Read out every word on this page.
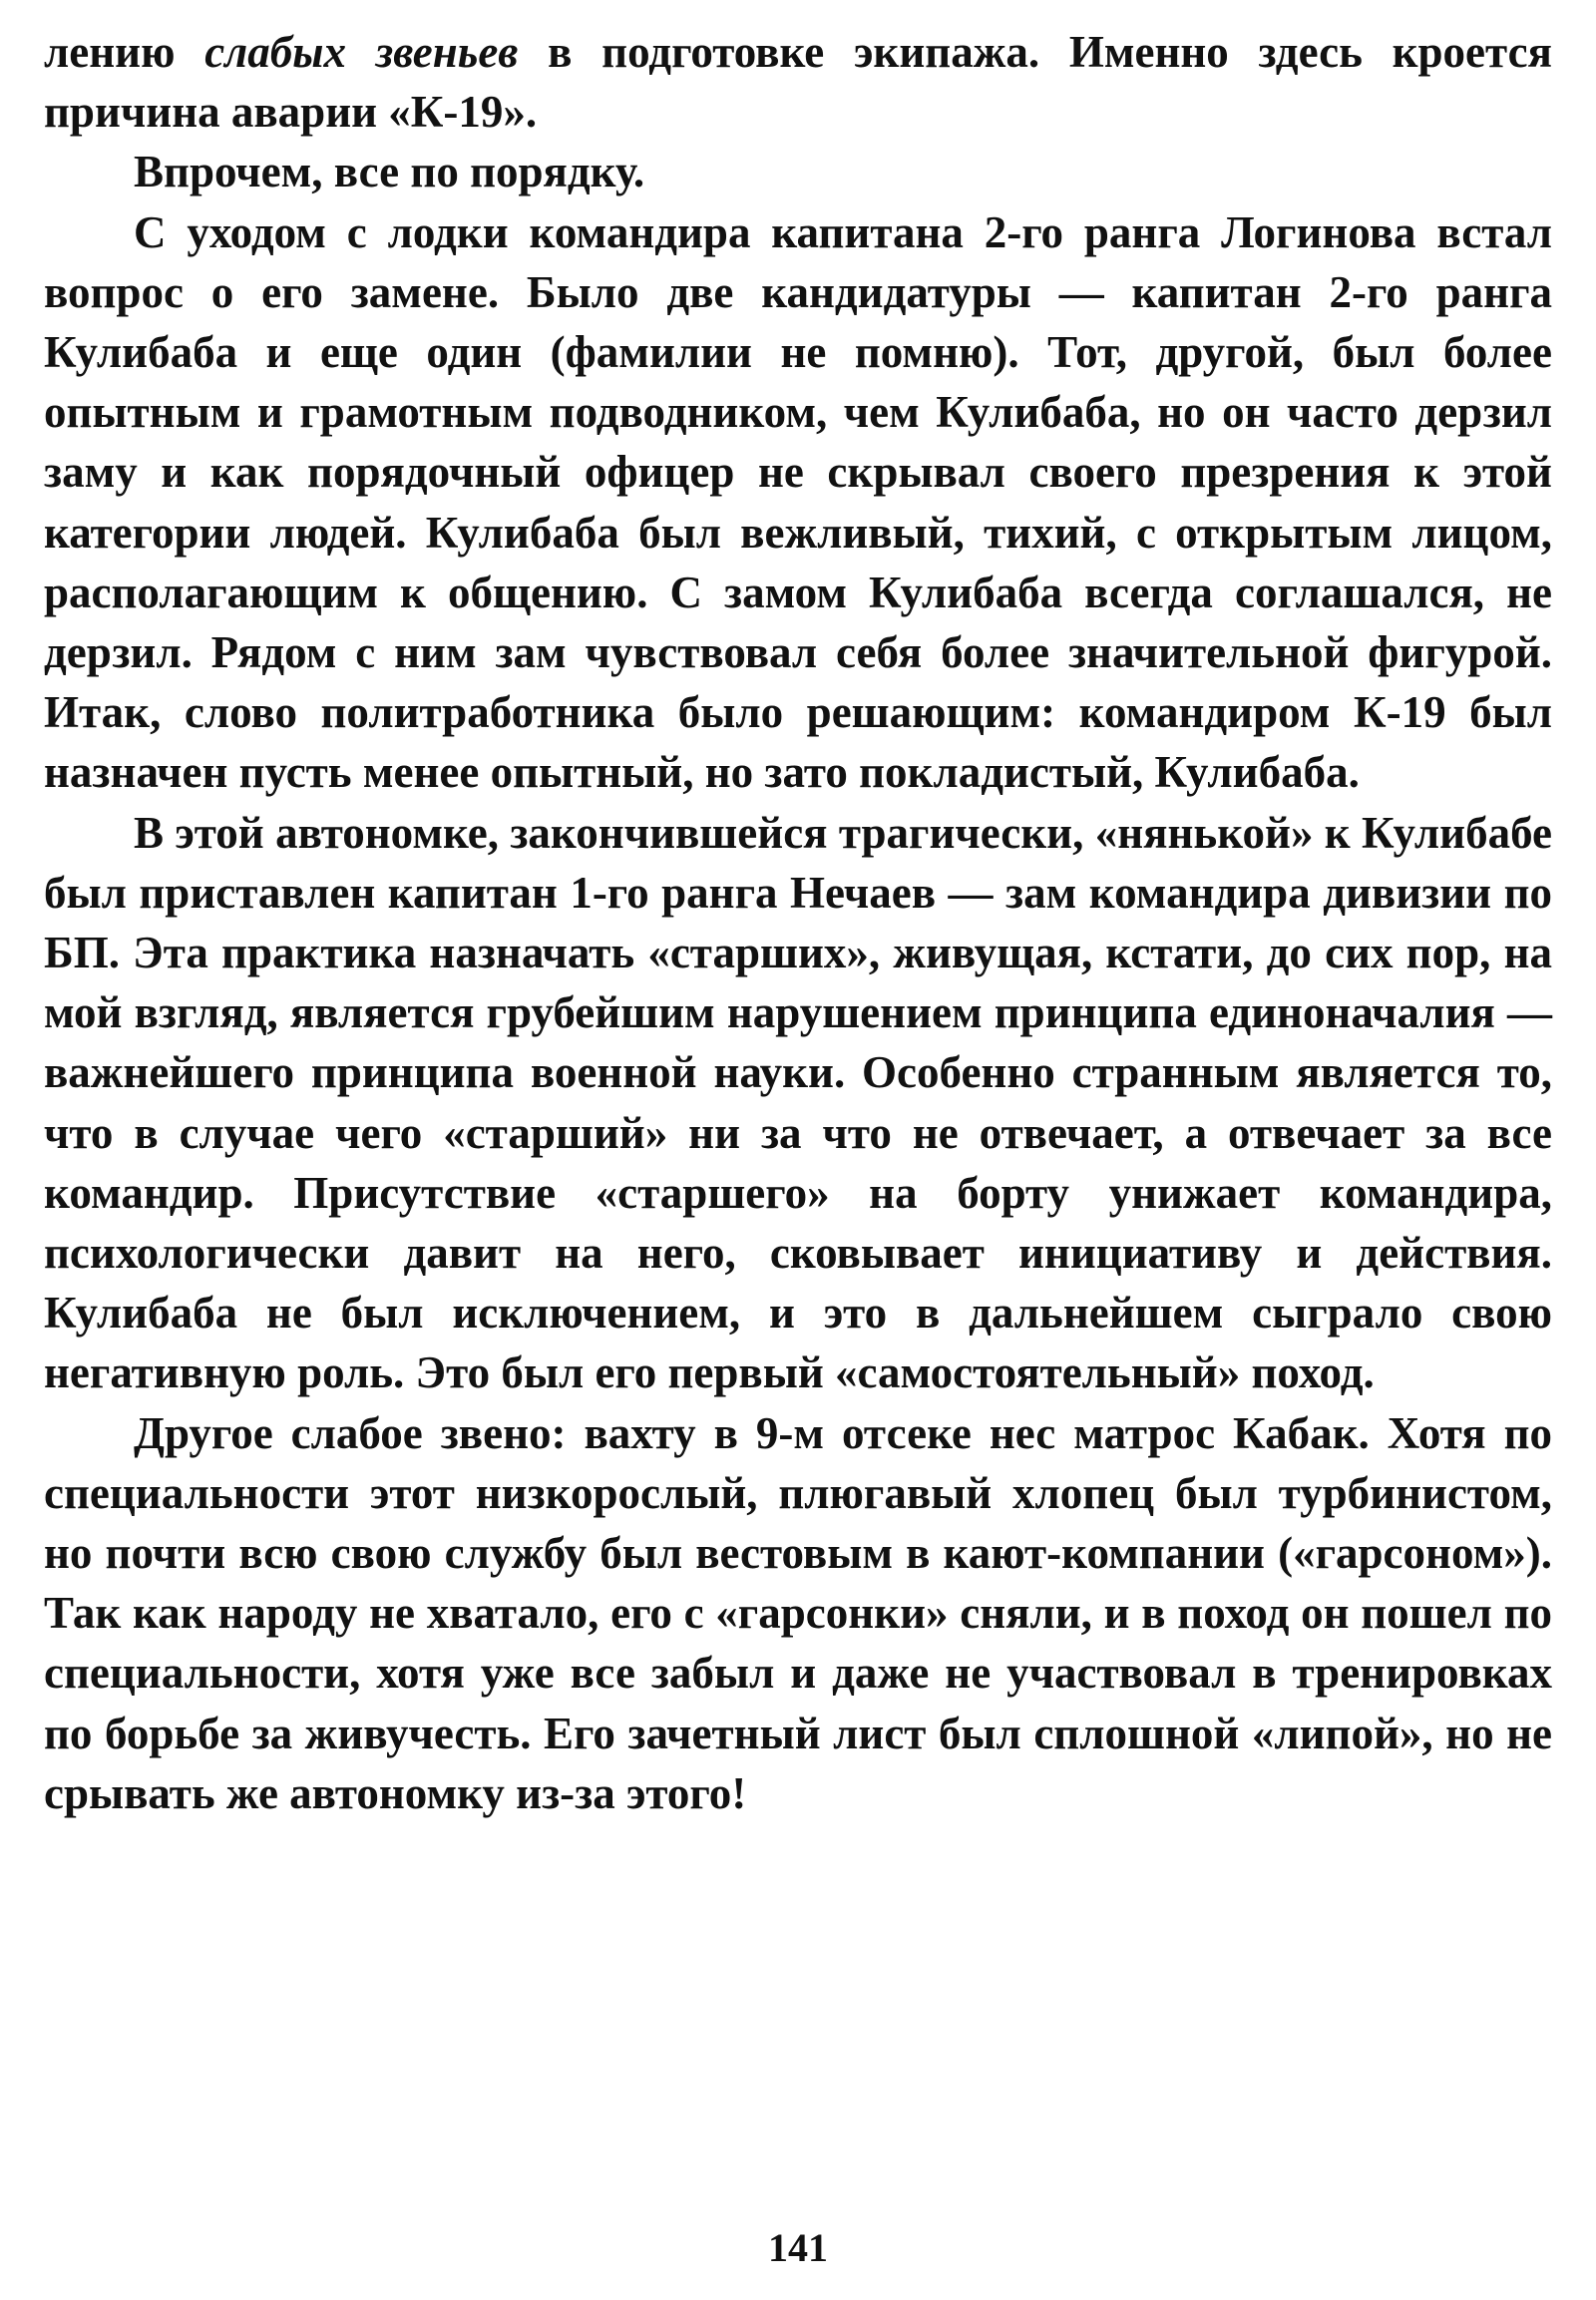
лению слабых звеньев в подготовке экипажа. Именно здесь кроется причина аварии «К-19».

Впрочем, все по порядку.

С уходом с лодки командира капитана 2-го ранга Логинова встал вопрос о его замене. Было две кандидатуры — капитан 2-го ранга Кулибаба и еще один (фамилии не помню). Тот, другой, был более опытным и грамотным подводником, чем Кулибаба, но он часто дерзил заму и как порядочный офицер не скрывал своего презрения к этой категории людей. Кулибаба был вежливый, тихий, с открытым лицом, располагающим к общению. С замом Кулибаба всегда соглашался, не дерзил. Рядом с ним зам чувствовал себя более значительной фигурой. Итак, слово политработника было решающим: командиром К-19 был назначен пусть менее опытный, но зато покладистый, Кулибаба.

В этой автономке, закончившейся трагически, «нянькой» к Кулибабе был приставлен капитан 1-го ранга Нечаев — зам командира дивизии по БП. Эта практика назначать «старших», живущая, кстати, до сих пор, на мой взгляд, является грубейшим нарушением принципа единоначалия — важнейшего принципа военной науки. Особенно странным является то, что в случае чего «старший» ни за что не отвечает, а отвечает за все командир. Присутствие «старшего» на борту унижает командира, психологически давит на него, сковывает инициативу и действия. Кулибаба не был исключением, и это в дальнейшем сыграло свою негативную роль. Это был его первый «самостоятельный» поход.

Другое слабое звено: вахту в 9-м отсеке нес матрос Кабак. Хотя по специальности этот низкорослый, плюгавый хлопец был турбинистом, но почти всю свою службу был вестовым в кают-компании («гарсоном»). Так как народу не хватало, его с «гарсонки» сняли, и в поход он пошел по специальности, хотя уже все забыл и даже не участвовал в тренировках по борьбе за живучесть. Его зачетный лист был сплошной «липой», но не срывать же автономку из-за этого!

141
